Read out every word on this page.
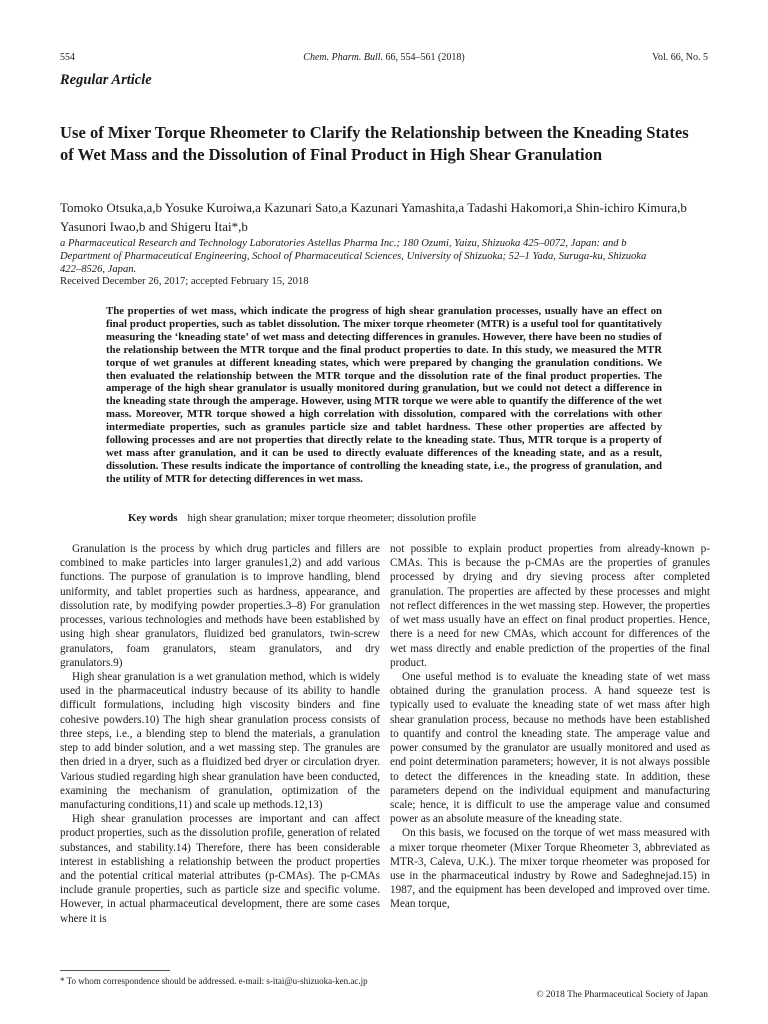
554	Chem. Pharm. Bull. 66, 554–561 (2018)	Vol. 66, No. 5
Regular Article
Use of Mixer Torque Rheometer to Clarify the Relationship between the Kneading States of Wet Mass and the Dissolution of Final Product in High Shear Granulation
Tomoko Otsuka,a,b Yosuke Kuroiwa,a Kazunari Sato,a Kazunari Yamashita,a Tadashi Hakomori,a Shin-ichiro Kimura,b Yasunori Iwao,b and Shigeru Itai*,b
a Pharmaceutical Research and Technology Laboratories Astellas Pharma Inc.; 180 Ozumi, Yaizu, Shizuoka 425–0072, Japan: and b Department of Pharmaceutical Engineering, School of Pharmaceutical Sciences, University of Shizuoka; 52–1 Yada, Suruga-ku, Shizuoka 422–8526, Japan.
Received December 26, 2017; accepted February 15, 2018

The properties of wet mass, which indicate the progress of high shear granulation processes, usually have an effect on final product properties, such as tablet dissolution. The mixer torque rheometer (MTR) is a useful tool for quantitatively measuring the ‘kneading state’ of wet mass and detecting differences in granules. However, there have been no studies of the relationship between the MTR torque and the final product properties to date. In this study, we measured the MTR torque of wet granules at different kneading states, which were prepared by changing the granulation conditions. We then evaluated the relationship between the MTR torque and the dissolution rate of the final product properties. The amperage of the high shear granulator is usually monitored during granulation, but we could not detect a difference in the kneading state through the amperage. However, using MTR torque we were able to quantify the difference of the wet mass. Moreover, MTR torque showed a high correlation with dissolution, compared with the correlations with other intermediate properties, such as granules particle size and tablet hardness. These other properties are affected by following processes and are not properties that directly relate to the kneading state. Thus, MTR torque is a property of wet mass after granulation, and it can be used to directly evaluate differences of the kneading state, and as a result, dissolution. These results indicate the importance of controlling the kneading state, i.e., the progress of granulation, and the utility of MTR for detecting differences in wet mass.

Key words high shear granulation; mixer torque rheometer; dissolution profile

Granulation is the process by which drug particles and fillers are combined to make particles into larger granules1,2) and add various functions. The purpose of granulation is to improve handling, blend uniformity, and tablet properties such as hardness, appearance, and dissolution rate, by modifying powder properties.3–8) For granulation processes, various technologies and methods have been established by using high shear granulators, fluidized bed granulators, twin-screw granulators, foam granulators, steam granulators, and dry granulators.9)

High shear granulation is a wet granulation method, which is widely used in the pharmaceutical industry because of its ability to handle difficult formulations, including high viscosity binders and fine cohesive powders.10) The high shear granulation process consists of three steps, i.e., a blending step to blend the materials, a granulation step to add binder solution, and a wet massing step. The granules are then dried in a dryer, such as a fluidized bed dryer or circulation dryer. Various studied regarding high shear granulation have been conducted, examining the mechanism of granulation, optimization of the manufacturing conditions,11) and scale up methods.12,13)

High shear granulation processes are important and can affect product properties, such as the dissolution profile, generation of related substances, and stability.14) Therefore, there has been considerable interest in establishing a relationship between the product properties and the potential critical material attributes (p-CMAs). The p-CMAs include granule properties, such as particle size and specific volume. However, in actual pharmaceutical development, there are some cases where it is

not possible to explain product properties from already-known p-CMAs. This is because the p-CMAs are the properties of granules processed by drying and dry sieving process after completed granulation. The properties are affected by these processes and might not reflect differences in the wet massing step. However, the properties of wet mass usually have an effect on final product properties. Hence, there is a need for new CMAs, which account for differences of the wet mass directly and enable prediction of the properties of the final product.

One useful method is to evaluate the kneading state of wet mass obtained during the granulation process. A hand squeeze test is typically used to evaluate the kneading state of wet mass after high shear granulation process, because no methods have been established to quantify and control the kneading state. The amperage value and power consumed by the granulator are usually monitored and used as end point determination parameters; however, it is not always possible to detect the differences in the kneading state. In addition, these parameters depend on the individual equipment and manufacturing scale; hence, it is difficult to use the amperage value and consumed power as an absolute measure of the kneading state.

On this basis, we focused on the torque of wet mass measured with a mixer torque rheometer (Mixer Torque Rheometer 3, abbreviated as MTR-3, Caleva, U.K.). The mixer torque rheometer was proposed for use in the pharmaceutical industry by Rowe and Sadeghnejad.15) in 1987, and the equipment has been developed and improved over time. Mean torque,

* To whom correspondence should be addressed. e-mail: s-itai@u-shizuoka-ken.ac.jp
© 2018 The Pharmaceutical Society of Japan
